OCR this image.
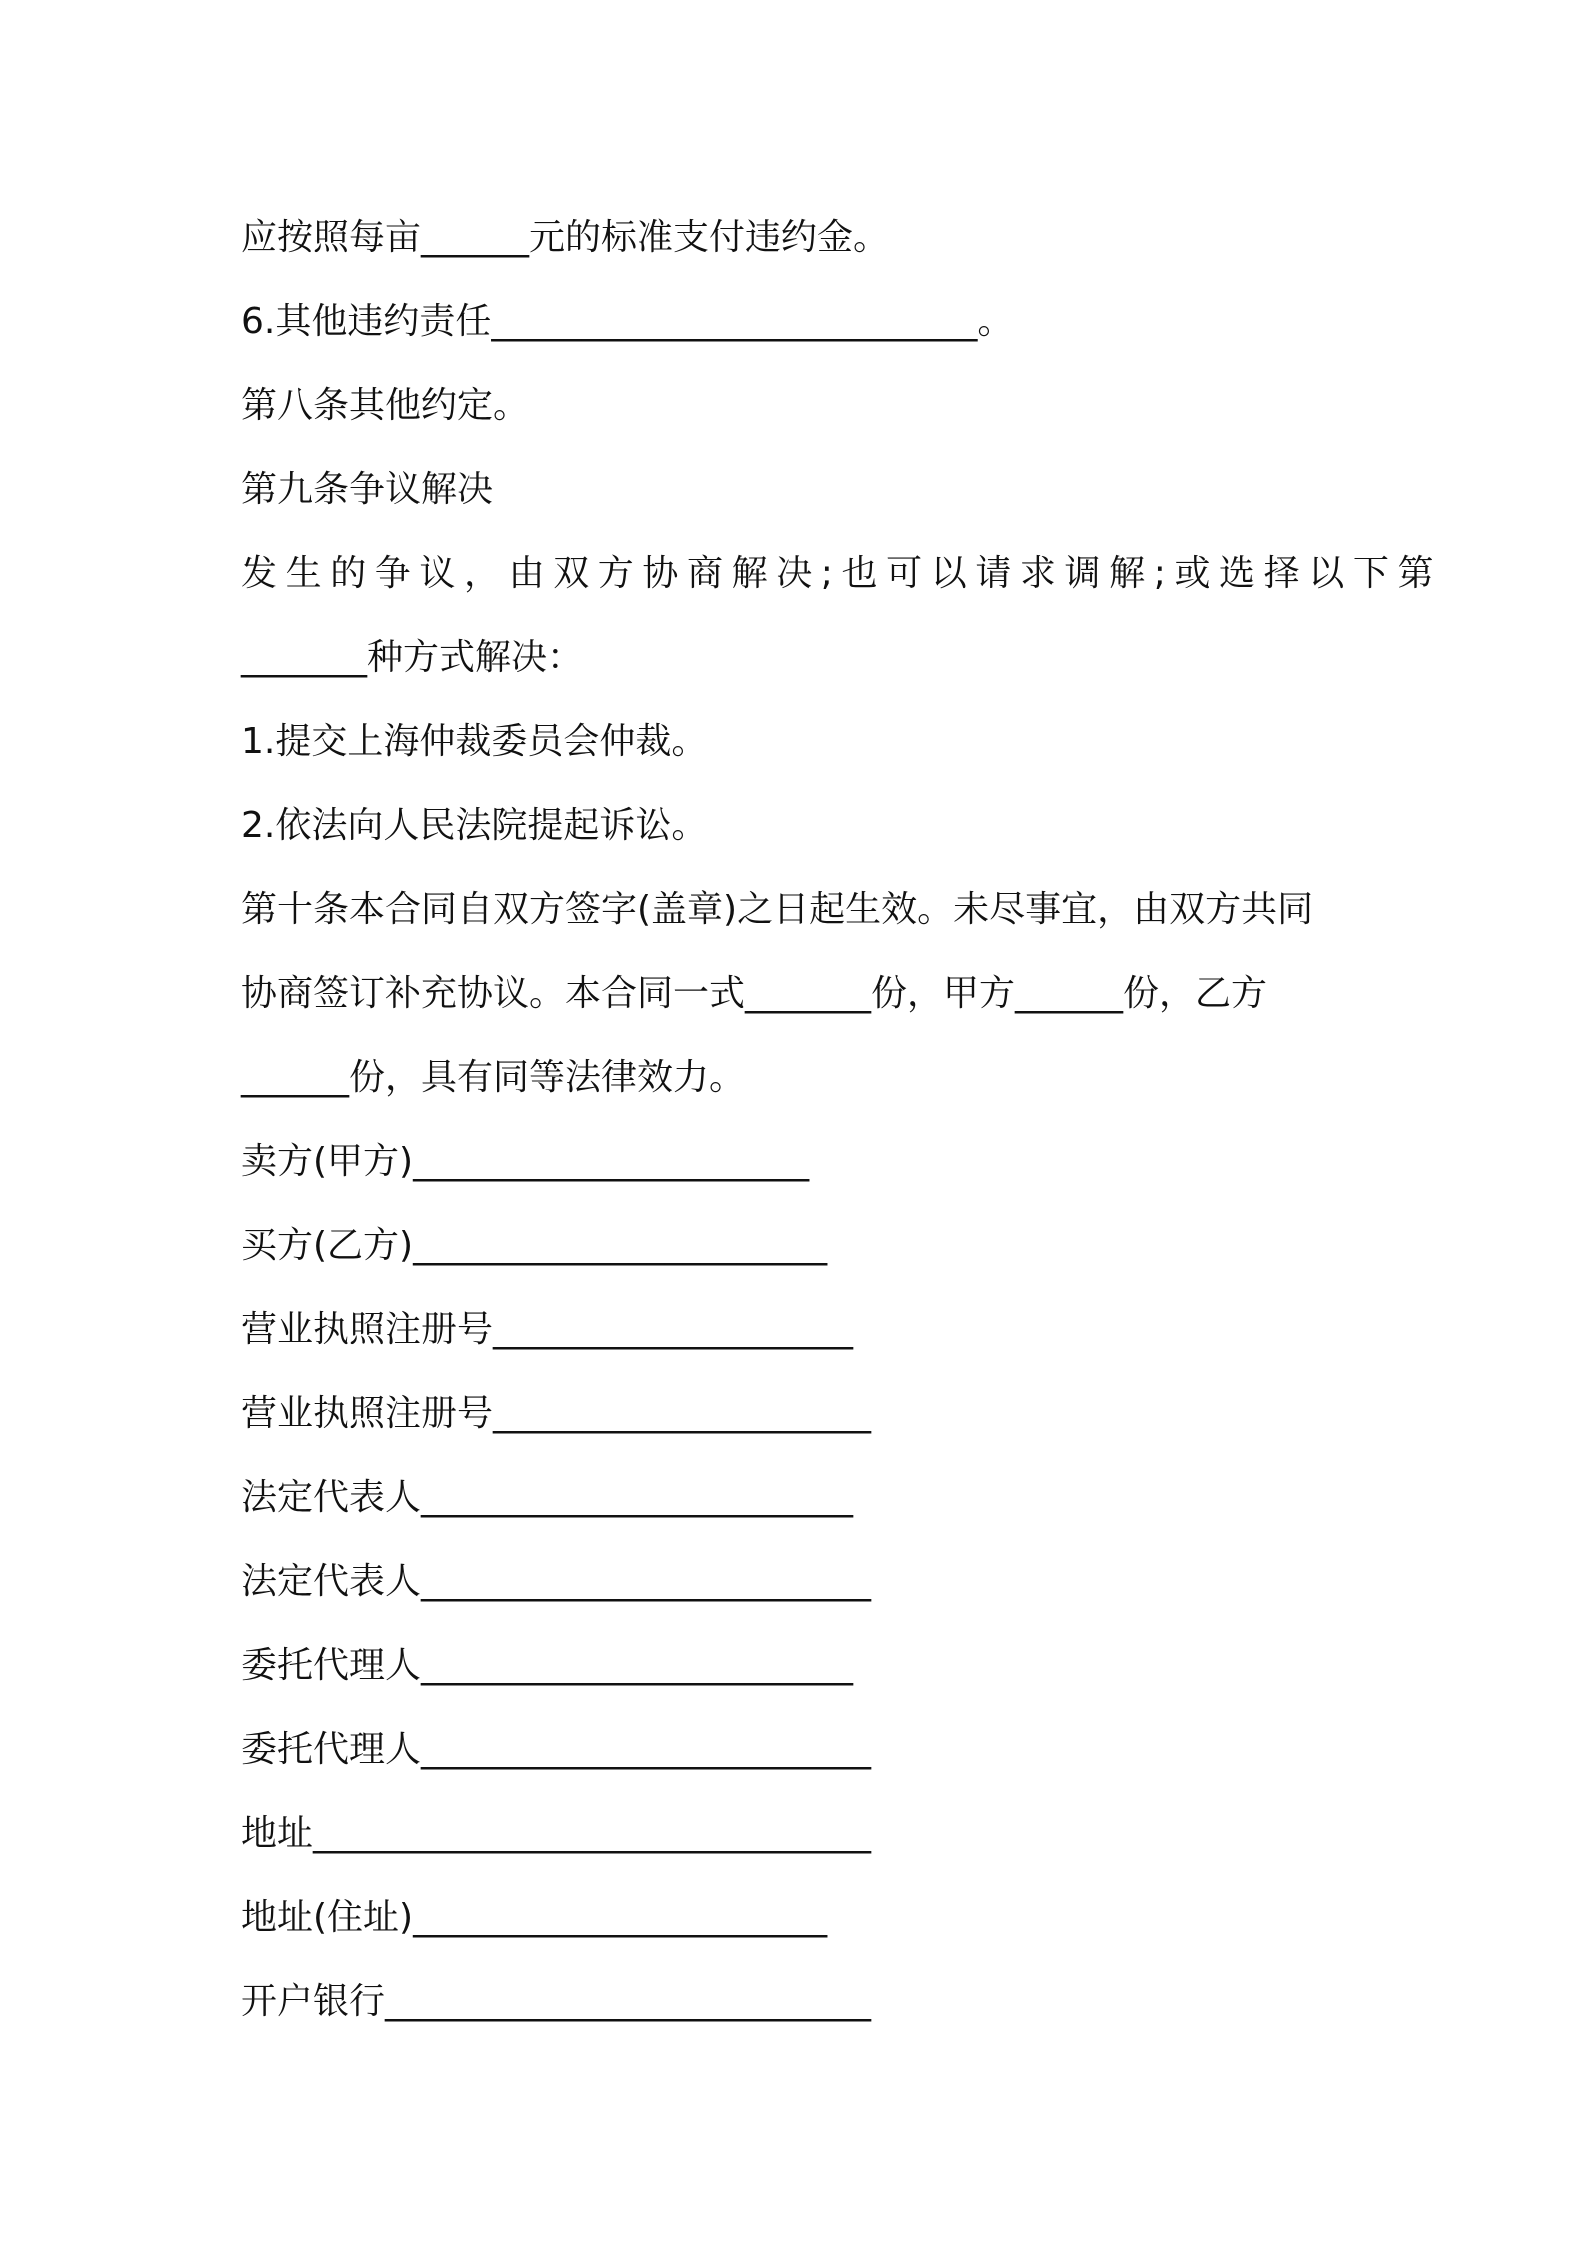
应按照每亩______元的标准支付违约金。
6.其他违约责任___________________________。
第八条其他约定。
第九条争议解决
发生的争议，由双方协商解决;也可以请求调解;或选择以下第
_______种方式解决：
1.提交上海仲裁委员会仲裁。
2.依法向人民法院提起诉讼。
第十条本合同自双方签字(盖章)之日起生效。未尽事宜，由双方共同
协商签订补充协议。本合同一式_______份，甲方______份，乙方
______份，具有同等法律效力。
卖方(甲方)______________________
买方(乙方)_______________________
营业执照注册号____________________
营业执照注册号_____________________
法定代表人________________________
法定代表人_________________________
委托代理人________________________
委托代理人_________________________
地址_______________________________
地址(住址)_______________________
开户银行___________________________
